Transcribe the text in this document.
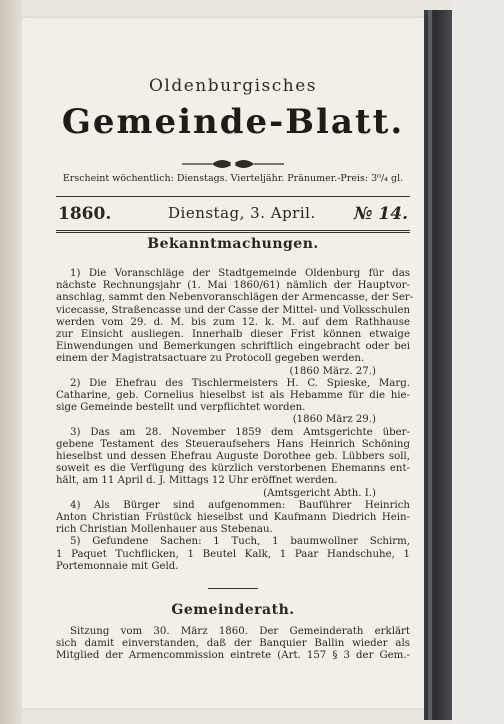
Oldenburgisches
Gemeinde-Blatt.
Erscheint wöchentlich: Dienstags. Vierteljähr. Pränumer.-Preis: 3⁰/₄ gl.
1860.	Dienstag, 3. April. № 14.
Bekanntmachungen.
1) Die Voranschläge der Stadtgemeinde Oldenburg für das
nächste Rechnungsjahr (1. Mai 1860/61) nämlich der Hauptvor-
anschlag, sammt den Nebenvoranschlägen der Armencasse, der Ser-
vicecasse, Straßencasse und der Casse der Mittel- und Volksschulen
werden vom 29. d. M. bis zum 12. k. M. auf dem Rathhause
zur Einsicht ausliegen. Innerhalb dieser Frist können etwaige
Einwendungen und Bemerkungen schriftlich eingebracht oder bei
einem der Magistratsactuare zu Protocoll gegeben werden.
(1860 März. 27.)
2) Die Ehefrau des Tischlermeisters H. C. Spieske, Marg.
Catharine, geb. Cornelius hieselbst ist als Hebamme für die hie-
sige Gemeinde bestellt und verpflichtet worden.
(1860 März 29.)
3) Das am 28. November 1859 dem Amtsgerichte über-
gebene Testament des Steueraufsehers Hans Heinrich Schöning
hieselbst und dessen Ehefrau Auguste Dorothee geb. Lübbers soll,
soweit es die Verfügung des kürzlich verstorbenen Ehemanns ent-
hält, am 11 April d. J. Mittags 12 Uhr eröffnet werden.
(Amtsgericht Abth. I.)
4) Als Bürger sind aufgenommen: Bauführer Heinrich
Anton Christian Früstück hieselbst und Kaufmann Diedrich Hein-
rich Christian Mollenhauer aus Stebenau.
5) Gefundene Sachen: 1 Tuch, 1 baumwollner Schirm,
1 Paquet Tuchflicken, 1 Beutel Kalk, 1 Paar Handschuhe, 1
Portemonnaie mit Geld.
Gemeinderath.
Sitzung vom 30. März 1860. Der Gemeinderath erklärt
sich damit einverstanden, daß der Banquier Ballin wieder als
Mitglied der Armencommission eintrete (Art. 157 § 3 der Gem.-
